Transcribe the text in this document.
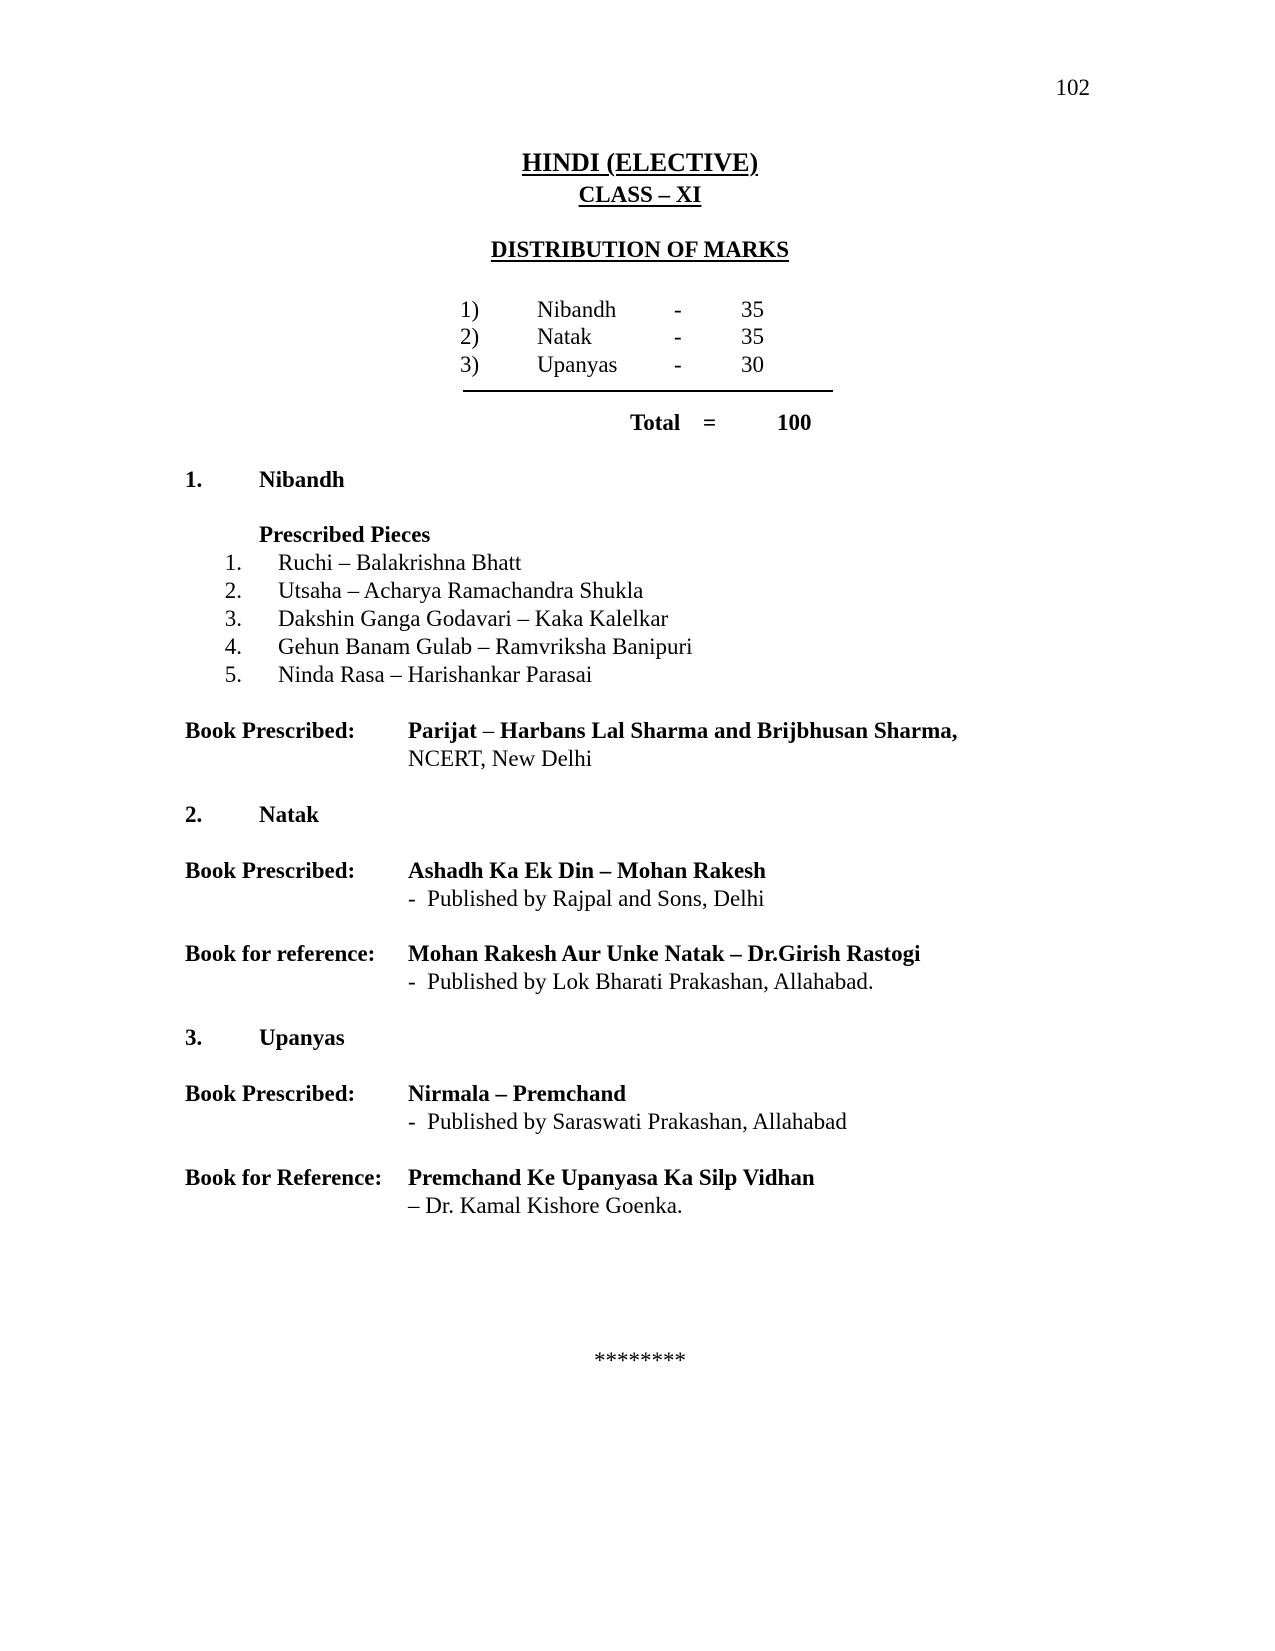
102
HINDI (ELECTIVE)
CLASS – XI
DISTRIBUTION OF MARKS
1)	Nibandh	-	35
2)	Natak	-	35
3)	Upanyas -	30
Total =	100
1. Nibandh
Prescribed Pieces
1. Ruchi – Balakrishna Bhatt
2. Utsaha – Acharya Ramachandra Shukla
3. Dakshin Ganga Godavari – Kaka Kalelkar
4. Gehun Banam Gulab – Ramvriksha Banipuri
5. Ninda Rasa – Harishankar Parasai
Book Prescribed: Parijat – Harbans Lal Sharma and Brijbhusan Sharma,
NCERT, New Delhi
2. Natak
Book Prescribed: Ashadh Ka Ek Din – Mohan Rakesh
-  Published by Rajpal and Sons, Delhi
Book for reference: Mohan Rakesh Aur Unke Natak – Dr.Girish Rastogi
-  Published by Lok Bharati Prakashan, Allahabad.
3. Upanyas
Book Prescribed: Nirmala – Premchand
-  Published by Saraswati Prakashan, Allahabad
Book for Reference: Premchand Ke Upanyasa Ka Silp Vidhan
– Dr. Kamal Kishore Goenka.
********
